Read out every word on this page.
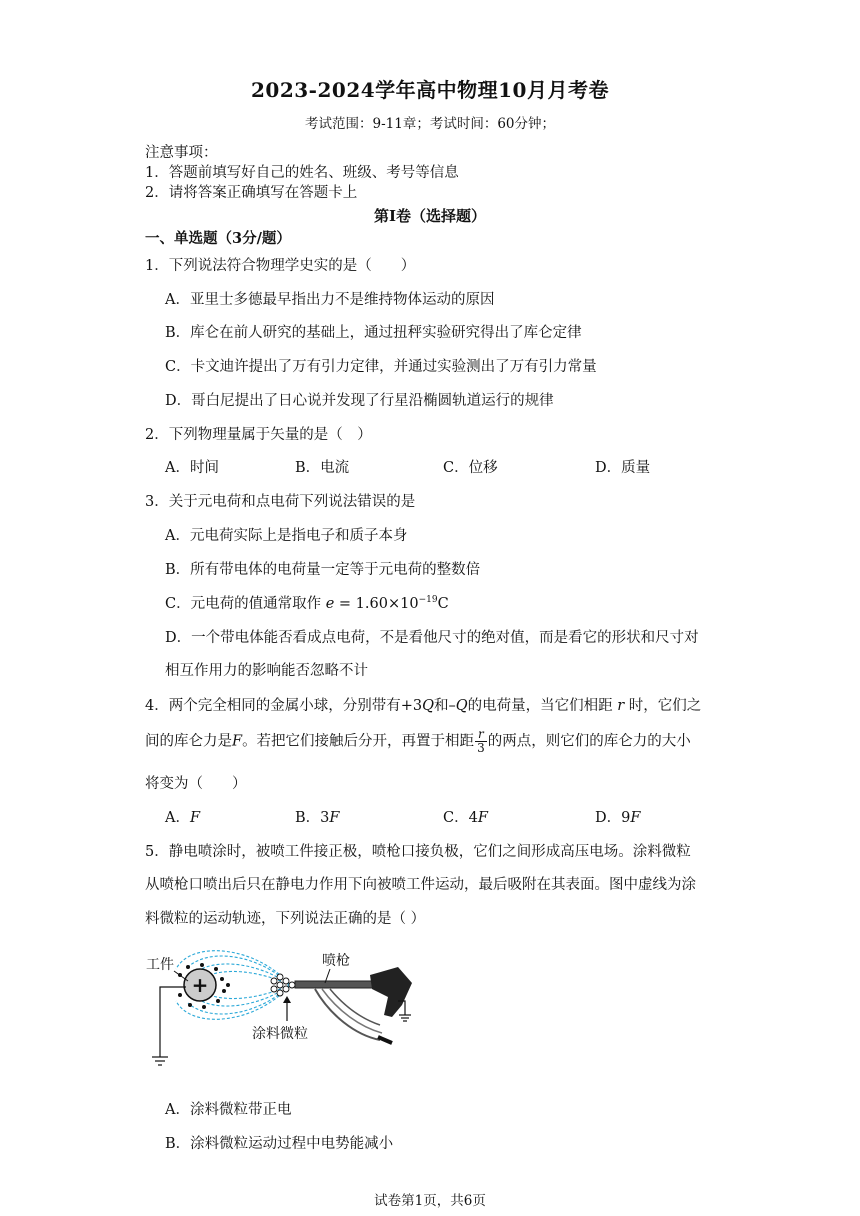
2023-2024学年高中物理10月月考卷
考试范围：9-11章；考试时间：60分钟；
注意事项：
1．答题前填写好自己的姓名、班级、考号等信息
2．请将答案正确填写在答题卡上
第I卷（选择题）
一、单选题（3分/题）
1．下列说法符合物理学史实的是（　　）
A．亚里士多德最早指出力不是维持物体运动的原因
B．库仑在前人研究的基础上，通过扭秤实验研究得出了库仑定律
C．卡文迪许提出了万有引力定律，并通过实验测出了万有引力常量
D．哥白尼提出了日心说并发现了行星沿椭圆轨道运行的规律
2．下列物理量属于矢量的是（　）
A．时间	B．电流	C．位移	D．质量
3．关于元电荷和点电荷下列说法错误的是
A．元电荷实际上是指电子和质子本身
B．所有带电体的电荷量一定等于元电荷的整数倍
C．元电荷的值通常取作 $e = 1.60\times 10^{-19}C$
D．一个带电体能否看成点电荷，不是看他尺寸的绝对值，而是看它的形状和尺寸对
相互作用力的影响能否忽略不计
4．两个完全相同的金属小球，分别带有+3Q和–Q的电荷量，当它们相距 r 时，它们之
间的库仑力是F。若把它们接触后分开，再置于相距 $\frac{r}{3}$ 的两点，则它们的库仑力的大小
将变为（　　）
A．F	B．3F	C．4F	D．9F
5．静电喷涂时，被喷工件接正极，喷枪口接负极，它们之间形成高压电场。涂料微粒
从喷枪口喷出后只在静电力作用下向被喷工件运动，最后吸附在其表面。图中虚线为涂
料微粒的运动轨迹，下列说法正确的是（ ）
+
工件	喷枪
涂料微粒
A．涂料微粒带正电
B．涂料微粒运动过程中电势能减小
试卷第1页，共6页
